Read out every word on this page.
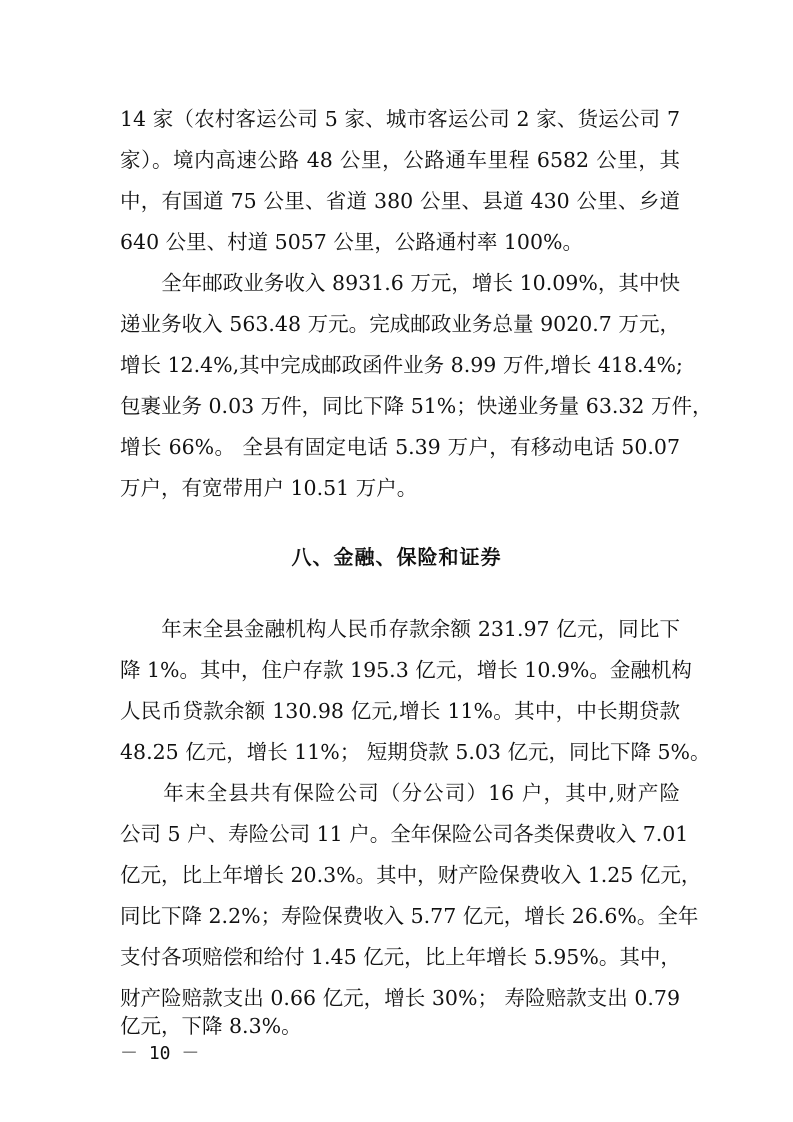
14 家（农村客运公司 5 家、城市客运公司 2 家、货运公司 7
家）。境内高速公路 48 公里，公路通车里程 6582 公里，其
中，有国道 75 公里、省道 380 公里、县道 430 公里、乡道
640 公里、村道 5057 公里，公路通村率 100%。
　　全年邮政业务收入 8931.6 万元，增长 10.09%，其中快
递业务收入 563.48 万元。完成邮政业务总量 9020.7 万元，
增长 12.4%,其中完成邮政函件业务 8.99 万件,增长 418.4%;
包裹业务 0.03 万件，同比下降 51%；快递业务量 63.32 万件，
增长 66%。 全县有固定电话 5.39 万户，有移动电话 50.07
万户，有宽带用户 10.51 万户。
八、金融、保险和证券
　　年末全县金融机构人民币存款余额 231.97 亿元，同比下
降 1%。其中，住户存款 195.3 亿元，增长 10.9%。金融机构
人民币贷款余额 130.98 亿元,增长 11%。其中，中长期贷款
48.25 亿元，增长 11%； 短期贷款 5.03 亿元，同比下降 5%。
　　年末全县共有保险公司（分公司）16 户，其中,财产险
公司 5 户、寿险公司 11 户。全年保险公司各类保费收入 7.01
亿元，比上年增长 20.3%。其中，财产险保费收入 1.25 亿元，
同比下降 2.2%；寿险保费收入 5.77 亿元，增长 26.6%。全年
支付各项赔偿和给付 1.45 亿元，比上年增长 5.95%。其中，
财产险赔款支出 0.66 亿元，增长 30%； 寿险赔款支出 0.79
亿元，下降 8.3%。
－ 10 －
